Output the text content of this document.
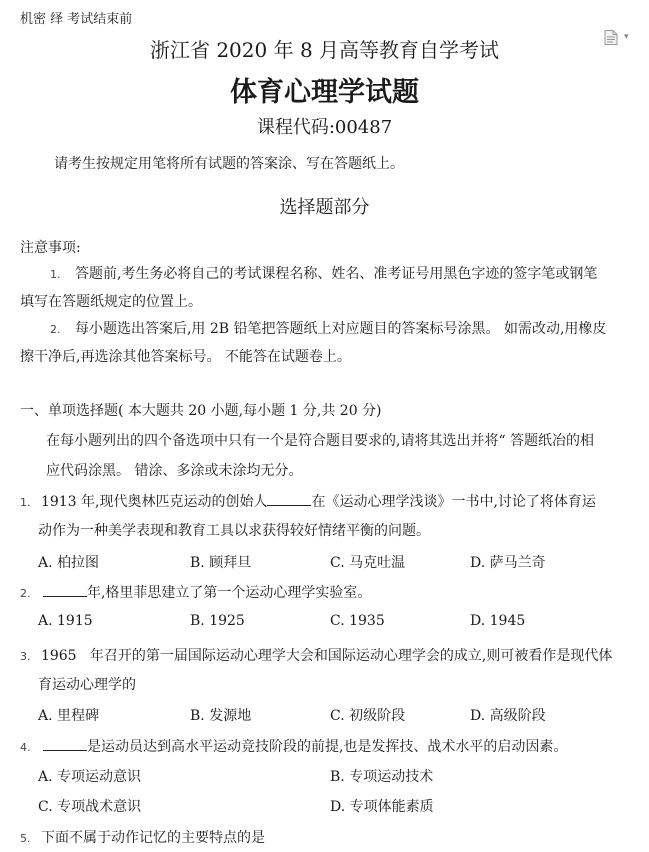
机密 绎 考试结束前
▾
浙江省 2020 年 8 月高等教育自学考试
体育心理学试题
课程代码:00487
请考生按规定用笔将所有试题的答案涂、写在答题纸上。
选择题部分
注意事项:
1. 答题前,考生务必将自己的考试课程名称、姓名、准考证号用黑色字迹的签字笔或钢笔
填写在答题纸规定的位置上。
2. 每小题选出答案后,用 2B 铅笔把答题纸上对应题目的答案标号涂黑。 如需改动,用橡皮
擦干净后,再选涂其他答案标号。 不能答在试题卷上。
一、单项选择题( 本大题共 20 小题,每小题 1 分,共 20 分)
在每小题列出的四个备选项中只有一个是符合题目要求的,请将其选出并将“ 答题纸冶的相
应代码涂黑。 错涂、多涂或未涂均无分。
1. 1913 年,现代奥林匹克运动的创始人	在《运动心理学浅谈》一书中,讨论了将体育运
动作为一种美学表现和教育工具以求获得较好情绪平衡的问题。
A. 柏拉图	B. 顾拜旦	C. 马克吐温	D. 萨马兰奇
2.	年,格里菲思建立了第一个运动心理学实验室。
A. 1915	B. 1925	C. 1935	D. 1945
3. 1965   年召开的第一届国际运动心理学大会和国际运动心理学会的成立,则可被看作是现代体
育运动心理学的
A. 里程碑	B. 发源地	C. 初级阶段	D. 高级阶段
4.	是运动员达到高水平运动竞技阶段的前提,也是发挥技、战术水平的启动因素。
A. 专项运动意识	B. 专项运动技术
C. 专项战术意识	D. 专项体能素质
5. 下面不属于动作记忆的主要特点的是
